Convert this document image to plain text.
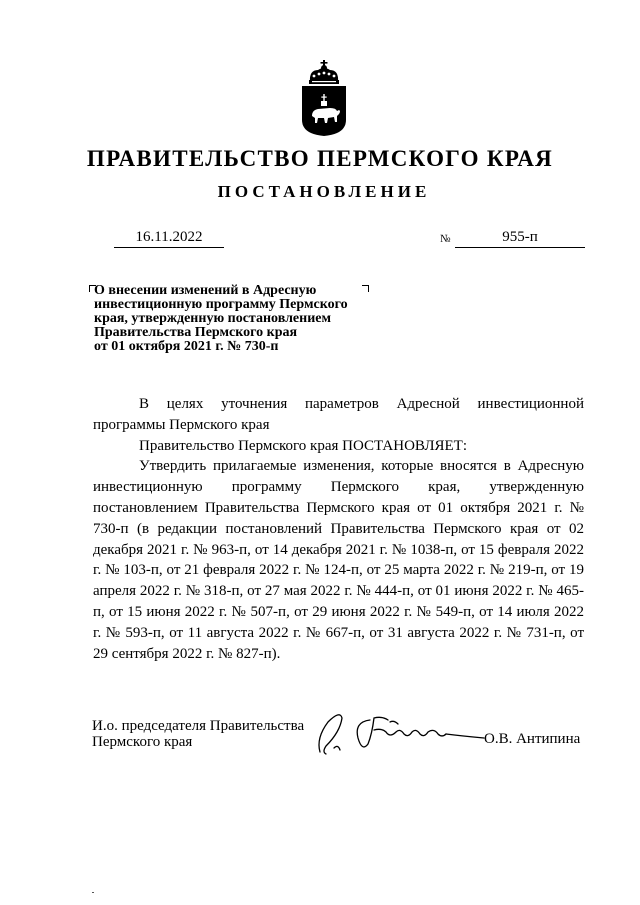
ПРАВИТЕЛЬСТВО ПЕРМСКОГО КРАЯ
ПОСТАНОВЛЕНИЕ
16.11.2022	№	955-п
О внесении изменений в Адресную
инвестиционную программу Пермского
края, утвержденную постановлением
Правительства Пермского края
от 01 октября 2021 г. № 730-п

В целях уточнения параметров Адресной инвестиционной

программы Пермского края

Правительство Пермского края ПОСТАНОВЛЯЕТ:

Утвердить прилагаемые изменения, которые вносятся в Адресную инвестиционную программу Пермского края, утвержденную постановлением Правительства Пермского края от 01 октября 2021 г. № 730-п (в редакции постановлений Правительства Пермского края от 02 декабря 2021 г. № 963-п, от 14 декабря 2021 г. № 1038-п, от 15 февраля 2022 г. № 103-п, от 21 февраля 2022 г. № 124-п, от 25 марта 2022 г. № 219-п, от 19 апреля 2022 г. № 318-п, от 27 мая 2022 г. № 444-п, от 01 июня 2022 г. № 465-п, от 15 июня 2022 г. № 507-п, от 29 июня 2022 г. № 549-п, от 14 июля 2022 г. № 593-п, от 11 августа 2022 г. № 667-п, от 31 августа 2022 г. № 731-п, от 29 сентября 2022 г. № 827-п).

И.о. председателя Правительства
Пермского края	О.В. Антипина
